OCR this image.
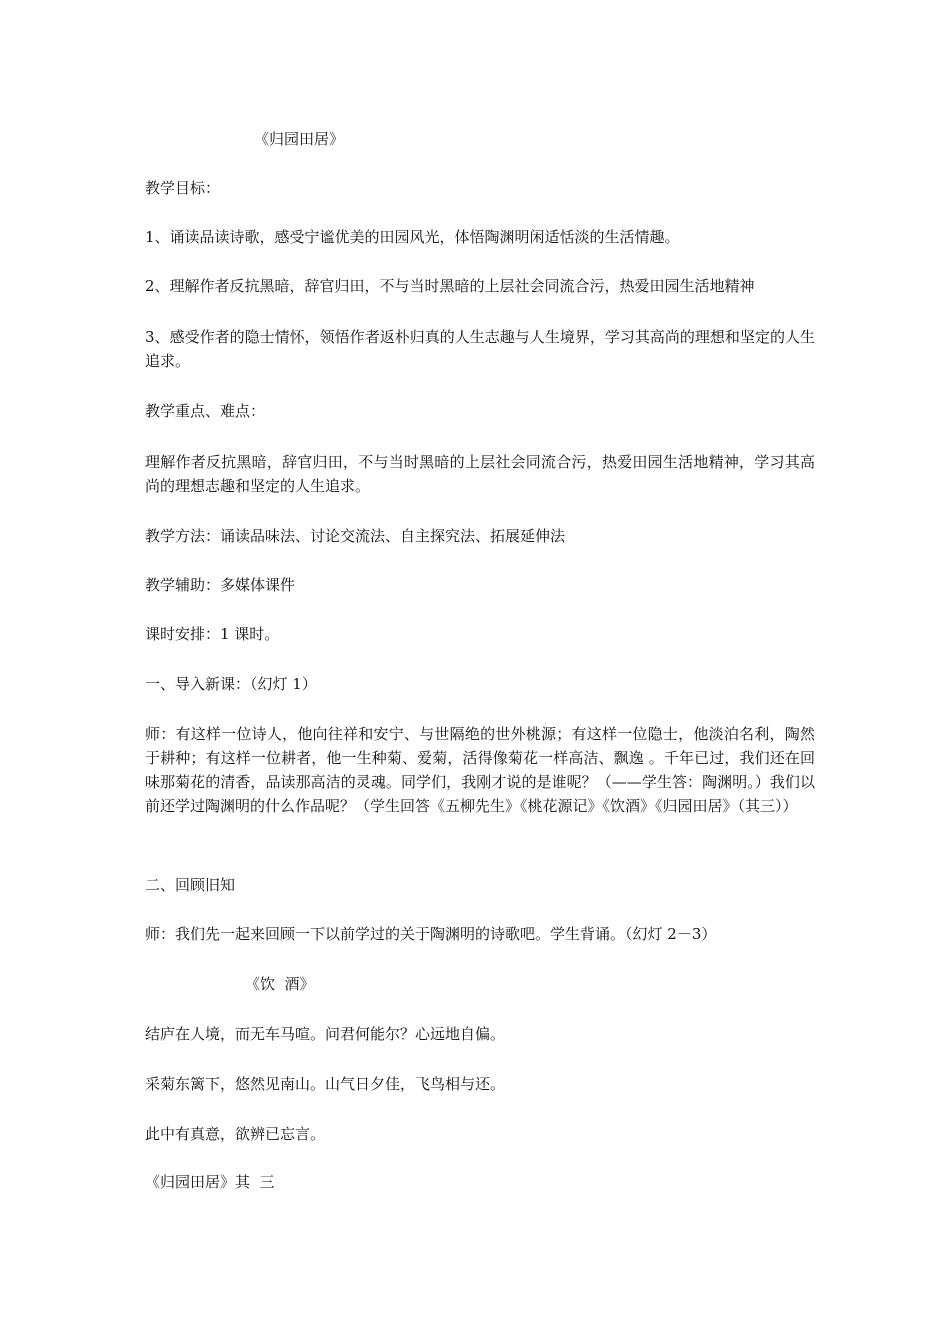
《归园田居》

教学目标：

1、诵读品读诗歌，感受宁谧优美的田园风光，体悟陶渊明闲适恬淡的生活情趣。

2、理解作者反抗黑暗，辞官归田，不与当时黑暗的上层社会同流合污，热爱田园生活地精神

3、感受作者的隐士情怀，领悟作者返朴归真的人生志趣与人生境界，学习其高尚的理想和坚定的人生追求。

教学重点、难点：

理解作者反抗黑暗，辞官归田，不与当时黑暗的上层社会同流合污，热爱田园生活地精神，学习其高尚的理想志趣和坚定的人生追求。

教学方法：诵读品味法、讨论交流法、自主探究法、拓展延伸法

教学辅助：多媒体课件

课时安排：1 课时。

一、导入新课：（幻灯 1）

师：有这样一位诗人，他向往祥和安宁、与世隔绝的世外桃源；有这样一位隐士，他淡泊名利，陶然于耕种；有这样一位耕者，他一生种菊、爱菊，活得像菊花一样高洁、飘逸 。千年已过，我们还在回味那菊花的清香，品读那高洁的灵魂。同学们，我刚才说的是谁呢？（——学生答：陶渊明。）我们以前还学过陶渊明的什么作品呢？（学生回答《五柳先生》《桃花源记》《饮酒》《归园田居》（其三））

二、回顾旧知

师：我们先一起来回顾一下以前学过的关于陶渊明的诗歌吧。学生背诵。（幻灯 2－3）

《饮  酒》

结庐在人境，而无车马喧。问君何能尔？心远地自偏。

采菊东篱下，悠然见南山。山气日夕佳，飞鸟相与还。

此中有真意，欲辨已忘言。

《归园田居》其  三
